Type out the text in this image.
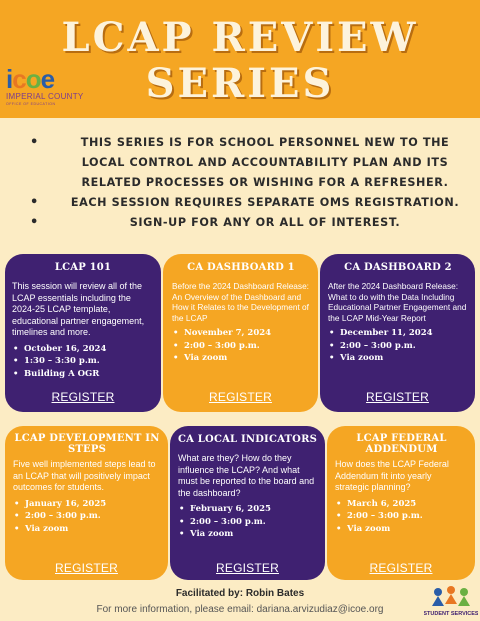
LCAP REVIEW
SERIES
icoe
IMPERIAL COUNTY
OFFICE OF EDUCATION
• THIS SERIES IS FOR SCHOOL PERSONNEL NEW TO THE LOCAL CONTROL AND ACCOUNTABILITY PLAN AND ITS RELATED PROCESSES OR WISHING FOR A REFRESHER.
• EACH SESSION REQUIRES SEPARATE OMS REGISTRATION.
• SIGN-UP FOR ANY OR ALL OF INTEREST.
LCAP 101
This session will review all of the LCAP essentials including the 2024-25 LCAP template, educational partner engagement, timelines and more.
• October 16, 2024
• 1:30 – 3:30 p.m.
• Building A OGR
REGISTER
CA DASHBOARD 1
Before the 2024 Dashboard Release: An Overview of the Dashboard and How it Relates to the Development of the LCAP
• November 7, 2024
• 2:00 – 3:00 p.m.
• Via zoom
REGISTER
CA DASHBOARD 2
After the 2024 Dashboard Release: What to do with the Data Including Educational Partner Engagement and the LCAP Mid-Year Report
• December 11, 2024
• 2:00 – 3:00 p.m.
• Via zoom
REGISTER
LCAP DEVELOPMENT IN STEPS
Five well implemented steps lead to an LCAP that will positively impact outcomes for students.
• January 16, 2025
• 2:00 – 3:00 p.m.
• Via zoom
REGISTER
CA LOCAL INDICATORS
What are they? How do they influence the LCAP? And what must be reported to the board and the dashboard?
• February 6, 2025
• 2:00 – 3:00 p.m.
• Via zoom
REGISTER
LCAP FEDERAL ADDENDUM
How does the LCAP Federal Addendum fit into yearly strategic planning?
• March 6, 2025
• 2:00 – 3:00 p.m.
• Via zoom
REGISTER
Facilitated by: Robin Bates
For more information, please email: dariana.arvizudiaz@icoe.org	STUDENT SERVICES
